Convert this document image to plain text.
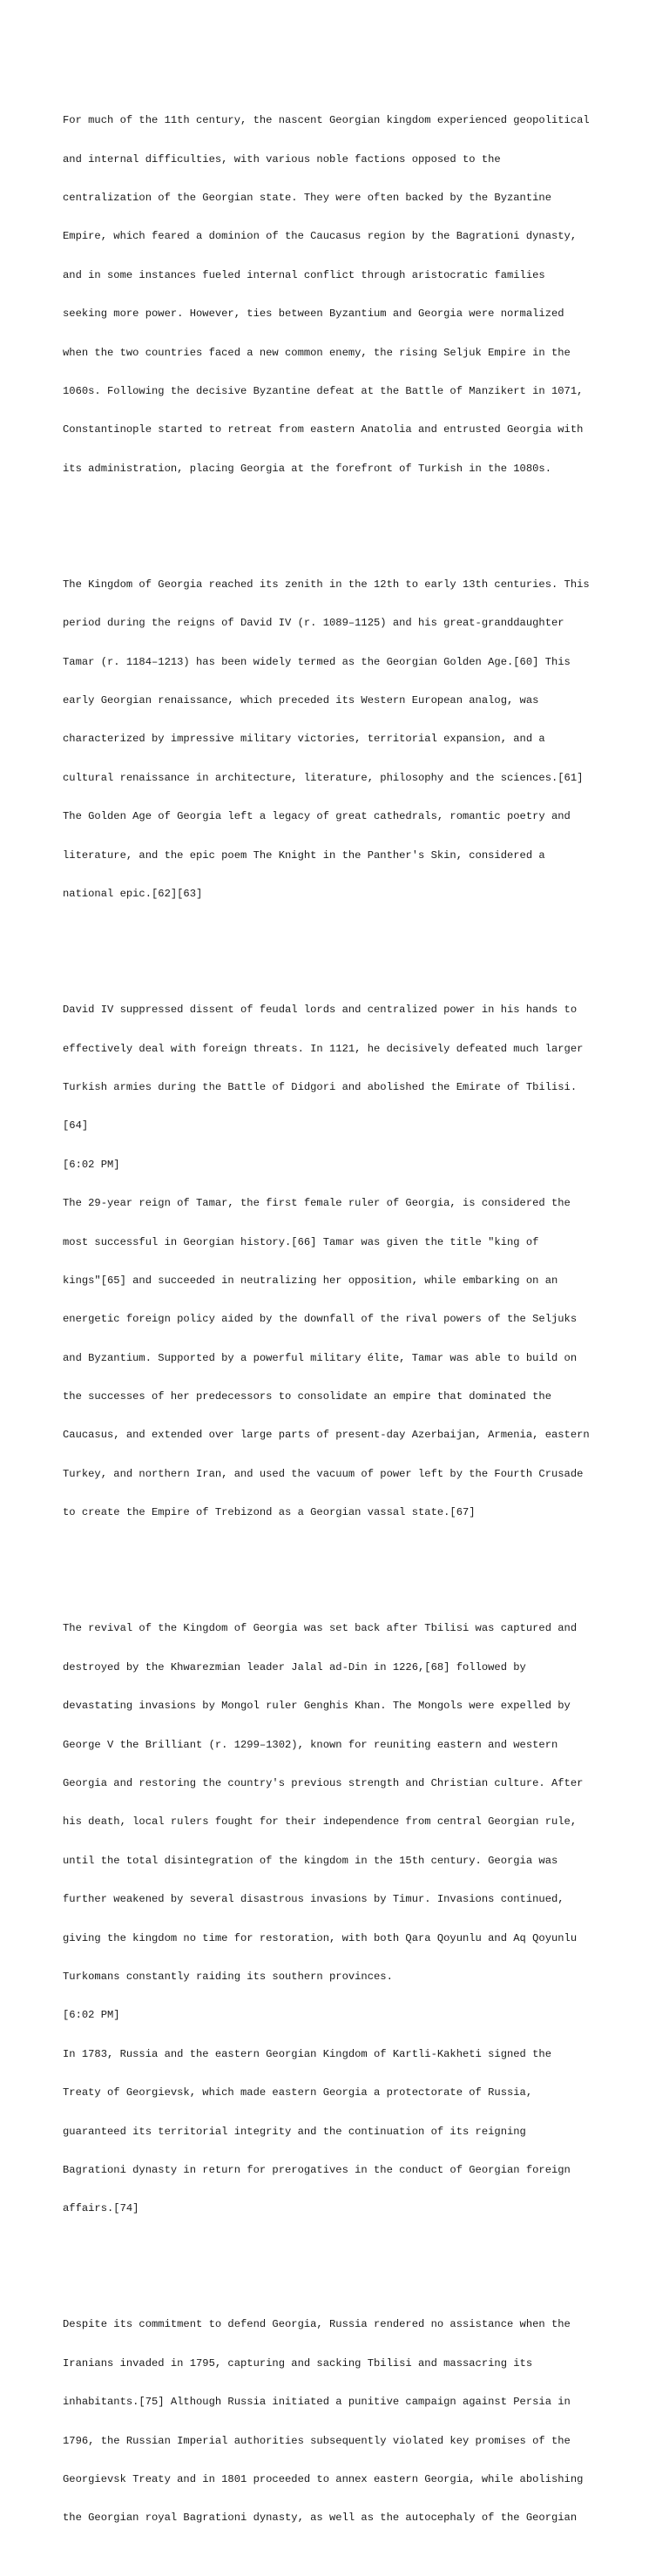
For much of the 11th century, the nascent Georgian kingdom experienced geopolitical

and internal difficulties, with various noble factions opposed to the

centralization of the Georgian state. They were often backed by the Byzantine

Empire, which feared a dominion of the Caucasus region by the Bagrationi dynasty,

and in some instances fueled internal conflict through aristocratic families

seeking more power. However, ties between Byzantium and Georgia were normalized

when the two countries faced a new common enemy, the rising Seljuk Empire in the

1060s. Following the decisive Byzantine defeat at the Battle of Manzikert in 1071,

Constantinople started to retreat from eastern Anatolia and entrusted Georgia with

its administration, placing Georgia at the forefront of Turkish in the 1080s.

The Kingdom of Georgia reached its zenith in the 12th to early 13th centuries. This

period during the reigns of David IV (r. 1089–1125) and his great-granddaughter

Tamar (r. 1184–1213) has been widely termed as the Georgian Golden Age.[60] This

early Georgian renaissance, which preceded its Western European analog, was

characterized by impressive military victories, territorial expansion, and a

cultural renaissance in architecture, literature, philosophy and the sciences.[61]

The Golden Age of Georgia left a legacy of great cathedrals, romantic poetry and

literature, and the epic poem The Knight in the Panther's Skin, considered a

national epic.[62][63]

David IV suppressed dissent of feudal lords and centralized power in his hands to

effectively deal with foreign threats. In 1121, he decisively defeated much larger

Turkish armies during the Battle of Didgori and abolished the Emirate of Tbilisi.

[64]

[6:02 PM]

The 29-year reign of Tamar, the first female ruler of Georgia, is considered the

most successful in Georgian history.[66] Tamar was given the title "king of

kings"[65] and succeeded in neutralizing her opposition, while embarking on an

energetic foreign policy aided by the downfall of the rival powers of the Seljuks

and Byzantium. Supported by a powerful military élite, Tamar was able to build on

the successes of her predecessors to consolidate an empire that dominated the

Caucasus, and extended over large parts of present-day Azerbaijan, Armenia, eastern

Turkey, and northern Iran, and used the vacuum of power left by the Fourth Crusade

to create the Empire of Trebizond as a Georgian vassal state.[67]

The revival of the Kingdom of Georgia was set back after Tbilisi was captured and

destroyed by the Khwarezmian leader Jalal ad-Din in 1226,[68] followed by

devastating invasions by Mongol ruler Genghis Khan. The Mongols were expelled by

George V the Brilliant (r. 1299–1302), known for reuniting eastern and western

Georgia and restoring the country's previous strength and Christian culture. After

his death, local rulers fought for their independence from central Georgian rule,

until the total disintegration of the kingdom in the 15th century. Georgia was

further weakened by several disastrous invasions by Timur. Invasions continued,

giving the kingdom no time for restoration, with both Qara Qoyunlu and Aq Qoyunlu

Turkomans constantly raiding its southern provinces.

[6:02 PM]

In 1783, Russia and the eastern Georgian Kingdom of Kartli-Kakheti signed the

Treaty of Georgievsk, which made eastern Georgia a protectorate of Russia,

guaranteed its territorial integrity and the continuation of its reigning

Bagrationi dynasty in return for prerogatives in the conduct of Georgian foreign

affairs.[74]

Despite its commitment to defend Georgia, Russia rendered no assistance when the

Iranians invaded in 1795, capturing and sacking Tbilisi and massacring its

inhabitants.[75] Although Russia initiated a punitive campaign against Persia in

1796, the Russian Imperial authorities subsequently violated key promises of the

Georgievsk Treaty and in 1801 proceeded to annex eastern Georgia, while abolishing

the Georgian royal Bagrationi dynasty, as well as the autocephaly of the Georgian
